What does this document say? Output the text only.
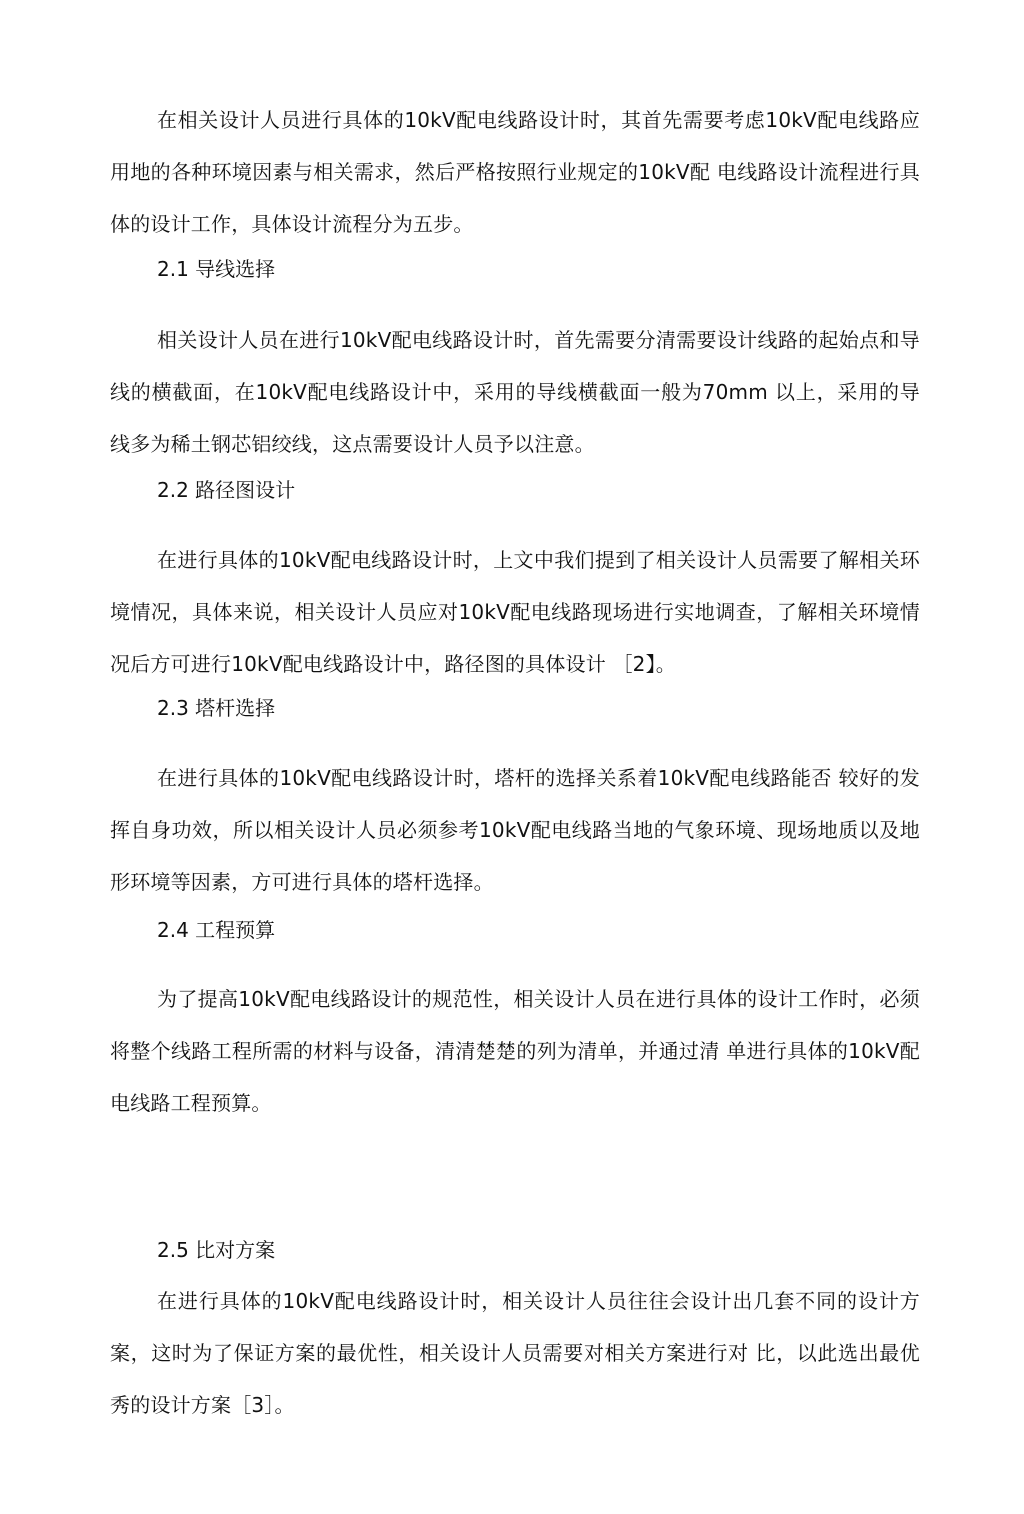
在相关设计人员进行具体的10kV配电线路设计时，其首先需要考虑10kV配电线路应用地的各种环境因素与相关需求，然后严格按照行业规定的10kV配 电线路设计流程进行具体的设计工作，具体设计流程分为五步。

2.1 导线选择

相关设计人员在进行10kV配电线路设计时，首先需要分清需要设计线路的起始点和导线的横截面，在10kV配电线路设计中，采用的导线横截面一般为70mm 以上，采用的导线多为稀土钢芯铝绞线，这点需要设计人员予以注意。

2.2 路径图设计

在进行具体的10kV配电线路设计时，上文中我们提到了相关设计人员需要了解相关环境情况，具体来说，相关设计人员应对10kV配电线路现场进行实地调查，了解相关环境情况后方可进行10kV配电线路设计中，路径图的具体设计 ［2】。

2.3 塔杆选择

在进行具体的10kV配电线路设计时，塔杆的选择关系着10kV配电线路能否 较好的发挥自身功效，所以相关设计人员必须参考10kV配电线路当地的气象环境、现场地质以及地形环境等因素，方可进行具体的塔杆选择。

2.4 工程预算

为了提高10kV配电线路设计的规范性，相关设计人员在进行具体的设计工作时，必须将整个线路工程所需的材料与设备，清清楚楚的列为清单，并通过清 单进行具体的10kV配电线路工程预算。

2.5 比对方案

在进行具体的10kV配电线路设计时，相关设计人员往往会设计出几套不同的设计方案，这时为了保证方案的最优性，相关设计人员需要对相关方案进行对 比，以此选出最优秀的设计方案［3］。
